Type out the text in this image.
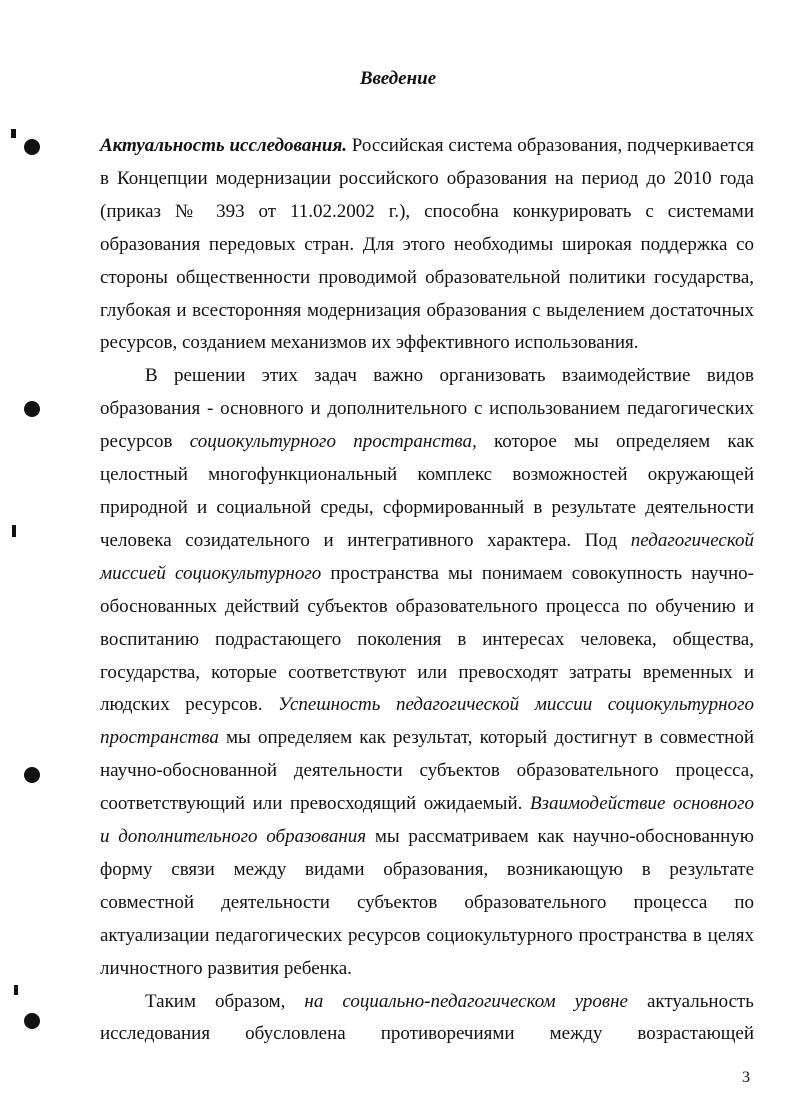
Введение

Актуальность исследования. Российская система образования, подчеркивается в Концепции модернизации российского образования на период до 2010 года (приказ № 393 от 11.02.2002 г.), способна конкурировать с системами образования передовых стран. Для этого необходимы широкая поддержка со стороны общественности проводимой образовательной политики государства, глубокая и всесторонняя модернизация образования с выделением достаточных ресурсов, созданием механизмов их эффективного использования.

В решении этих задач важно организовать взаимодействие видов образования - основного и дополнительного с использованием педагогических ресурсов социокультурного пространства, которое мы определяем как целостный многофункциональный комплекс возможностей окружающей природной и социальной среды, сформированный в результате деятельности человека созидательного и интегративного характера. Под педагогической миссией социокультурного пространства мы понимаем совокупность научно-обоснованных действий субъектов образовательного процесса по обучению и воспитанию подрастающего поколения в интересах человека, общества, государства, которые соответствуют или превосходят затраты временных и людских ресурсов. Успешность педагогической миссии социокультурного пространства мы определяем как результат, который достигнут в совместной научно-обоснованной деятельности субъектов образовательного процесса, соответствующий или превосходящий ожидаемый. Взаимодействие основного и дополнительного образования мы рассматриваем как научно-обоснованную форму связи между видами образования, возникающую в результате совместной деятельности субъектов образовательного процесса по актуализации педагогических ресурсов социокультурного пространства в целях личностного развития ребенка.

Таким образом, на социально-педагогическом уровне актуальность исследования обусловлена противоречиями между возрастающей

3
